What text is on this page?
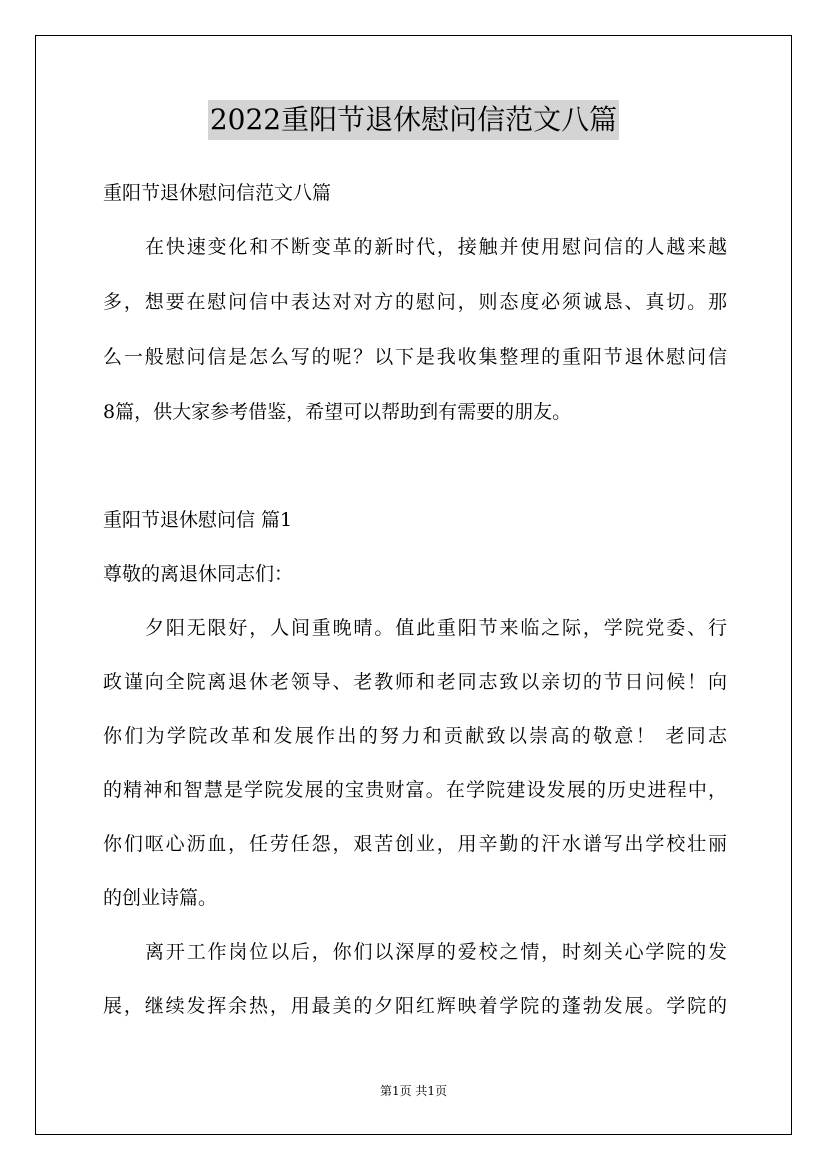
2022重阳节退休慰问信范文八篇
重阳节退休慰问信范文八篇
在快速变化和不断变革的新时代，接触并使用慰问信的人越来越
多，想要在慰问信中表达对对方的慰问，则态度必须诚恳、真切。那
么一般慰问信是怎么写的呢？以下是我收集整理的重阳节退休慰问信
8篇，供大家参考借鉴，希望可以帮助到有需要的朋友。
重阳节退休慰问信 篇1
尊敬的离退休同志们：
夕阳无限好，人间重晚晴。值此重阳节来临之际，学院党委、行
政谨向全院离退休老领导、老教师和老同志致以亲切的节日问候！向
你们为学院改革和发展作出的努力和贡献致以崇高的敬意！ 老同志
的精神和智慧是学院发展的宝贵财富。在学院建设发展的历史进程中，
你们呕心沥血，任劳任怨，艰苦创业，用辛勤的汗水谱写出学校壮丽
的创业诗篇。
离开工作岗位以后，你们以深厚的爱校之情，时刻关心学院的发
展，继续发挥余热，用最美的夕阳红辉映着学院的蓬勃发展。学院的
第1页 共1页
